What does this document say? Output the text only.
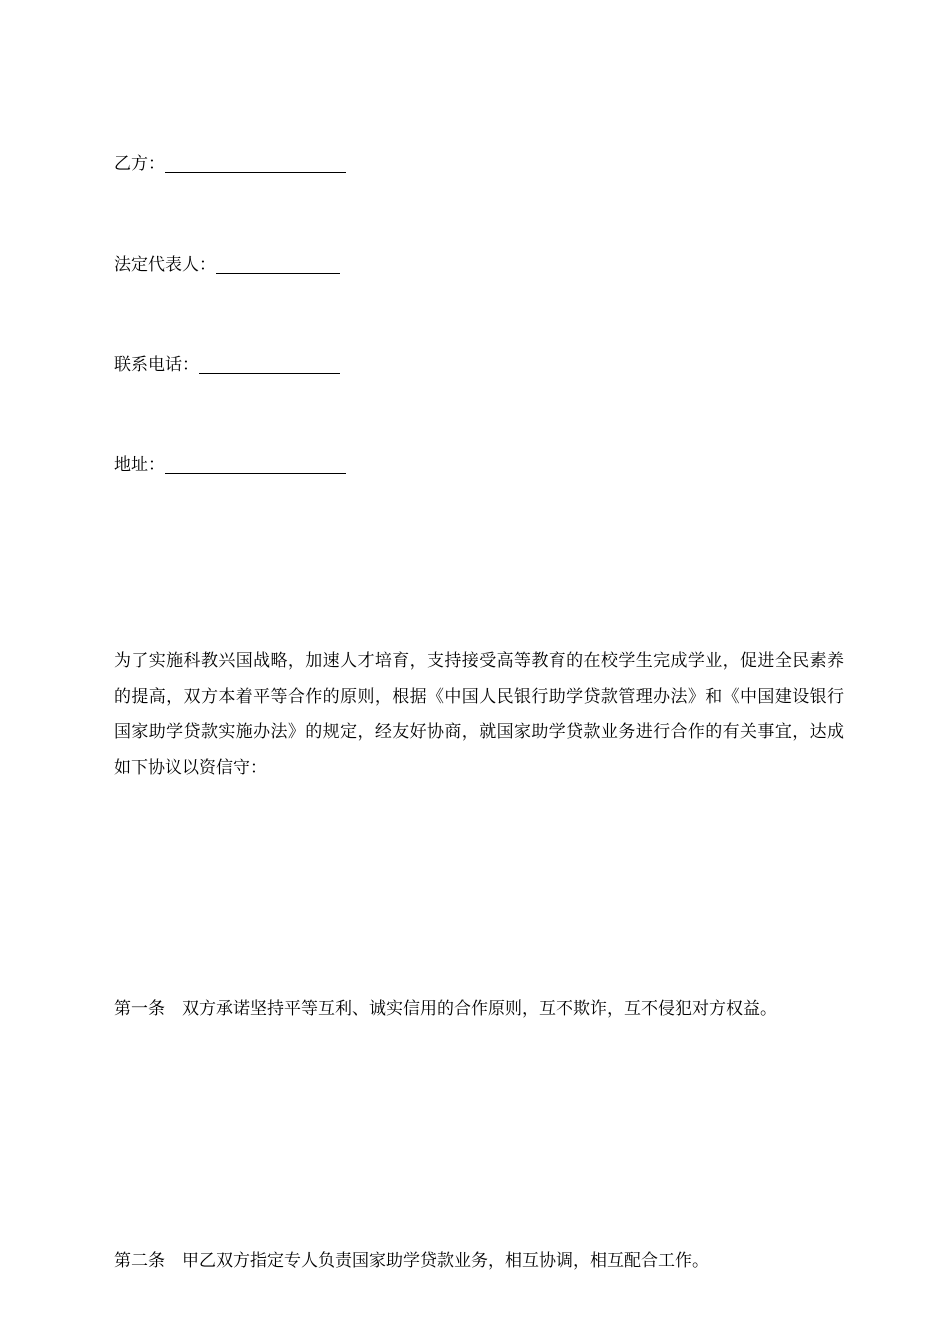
乙方：
法定代表人：
联系电话：
地址：

为了实施科教兴国战略，加速人才培育，支持接受高等教育的在校学生完成学业，促进全民素养的提高，双方本着平等合作的原则，根据《中国人民银行助学贷款管理办法》和《中国建设银行国家助学贷款实施办法》的规定，经友好协商，就国家助学贷款业务进行合作的有关事宜，达成如下协议以资信守：

第一条　双方承诺坚持平等互利、诚实信用的合作原则，互不欺诈，互不侵犯对方权益。

第二条　甲乙双方指定专人负责国家助学贷款业务，相互协调，相互配合工作。
